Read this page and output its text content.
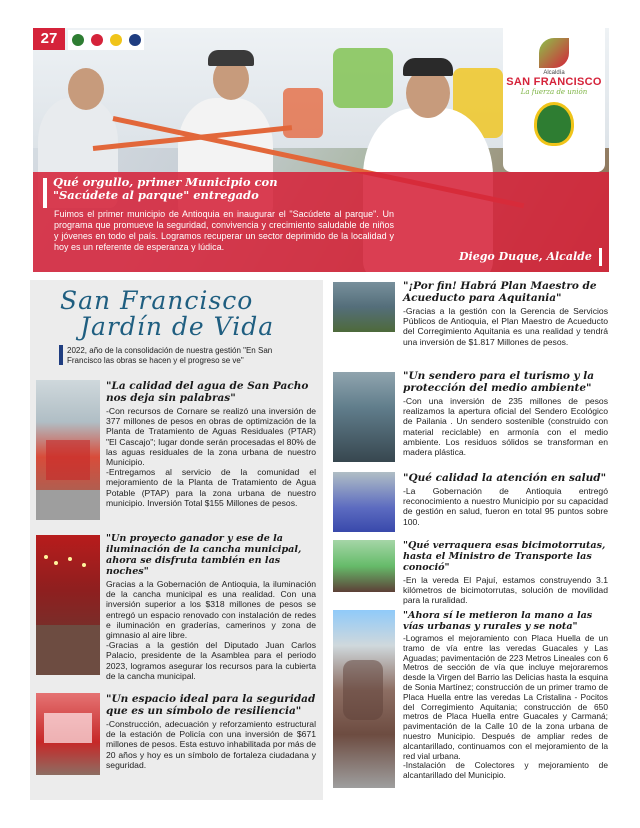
27
Alcaldía
SAN FRANCISCO
La fuerza de unión
Qué orgullo, primer Municipio con "Sacúdete al parque" entregado
Fuimos el primer municipio de Antioquia en inaugurar el "Sacúdete al parque". Un programa que promueve la seguridad, convivencia y crecimiento saludable de niños y jóvenes en todo el país. Logramos recuperar un sector deprimido de la localidad y hoy es un referente de esperanza y lúdica.
Diego Duque, Alcalde
San Francisco
Jardín de Vida
2022, año de la consolidación de nuestra gestión "En San Francisco las obras se hacen y el progreso se ve"
"La calidad del agua de San Pacho nos deja sin palabras"
-Con recursos de Cornare se realizó una inversión de 377 millones de pesos en obras de optimización de la Planta de Tratamiento de Aguas Residuales (PTAR) "El Cascajo"; lugar donde serán procesadas el 80% de las aguas residuales de la zona urbana de nuestro Municipio.
-Entregamos al servicio de la comunidad el mejoramiento de la Planta de Tratamiento de Agua Potable (PTAP) para la zona urbana de nuestro municipio. Inversión Total $155 Millones de pesos.
"Un proyecto ganador y ese de la iluminación de la cancha municipal, ahora se disfruta también en las noches"
Gracias a la Gobernación de Antioquia, la iluminación de la cancha municipal es una realidad. Con una inversión superior a los $318 millones de pesos se entregó un espacio renovado con instalación de redes e iluminación en graderías, camerinos y zona de gimnasio al aire libre.
-Gracias a la gestión del Diputado Juan Carlos Palacio, presidente de la Asamblea para el periodo 2023, logramos asegurar los recursos para la cubierta de la cancha municipal.
"Un espacio ideal para la seguridad que es un símbolo de resiliencia"
-Construcción, adecuación y reforzamiento estructural de la estación de Policía con una inversión de $671 millones de pesos. Esta estuvo inhabilitada por más de 20 años y hoy es un símbolo de fortaleza ciudadana y seguridad.
"¡Por fin! Habrá Plan Maestro de Acueducto para Aquitania"
-Gracias a la gestión con la Gerencia de Servicios Públicos de Antioquia, el Plan Maestro de Acueducto del Corregimiento Aquitania es una realidad y tendrá una inversión de $1.817 Millones de pesos.
"Un sendero para el turismo y la protección del medio ambiente"
-Con una inversión de 235 millones de pesos realizamos la apertura oficial del Sendero Ecológico de Pailania . Un sendero sostenible (construido con material reciclable) en armonía con el medio ambiente. Los residuos sólidos se transforman en madera plástica.
"Qué calidad la atención en salud"
-La Gobernación de Antioquia entregó reconocimiento a nuestro Municipio por su capacidad de gestión en salud, fueron en total 95 puntos sobre 100.
"Qué verraquera esas bicimotorrutas, hasta el Ministro de Transporte las conoció"
-En la vereda El Pajuí, estamos construyendo 3.1 kilómetros de bicimotorrutas, solución de movilidad para la ruralidad.
"Ahora sí le metieron la mano a las vías urbanas y rurales y se nota"
-Logramos el mejoramiento con Placa Huella de un tramo de vía entre las veredas Guacales y Las Aguadas; pavimentación de 223 Metros Lineales con 6 Metros de sección de vía que incluye mejoraremos desde la Virgen del Barrio las Delicias hasta la esquina de Sonia Martínez; construcción de un primer tramo de Placa Huella entre las veredas La Cristalina - Pocitos del Corregimiento Aquitania; construcción de 650 metros de Placa Huella entre Guacales y Carmaná; pavimentación de la Calle 10 de la zona urbana de nuestro Municipio. Después de ampliar redes de alcantarillado, continuamos con el mejoramiento de la red vial urbana.
-Instalación de Colectores y mejoramiento de alcantarillado del Municipio.
